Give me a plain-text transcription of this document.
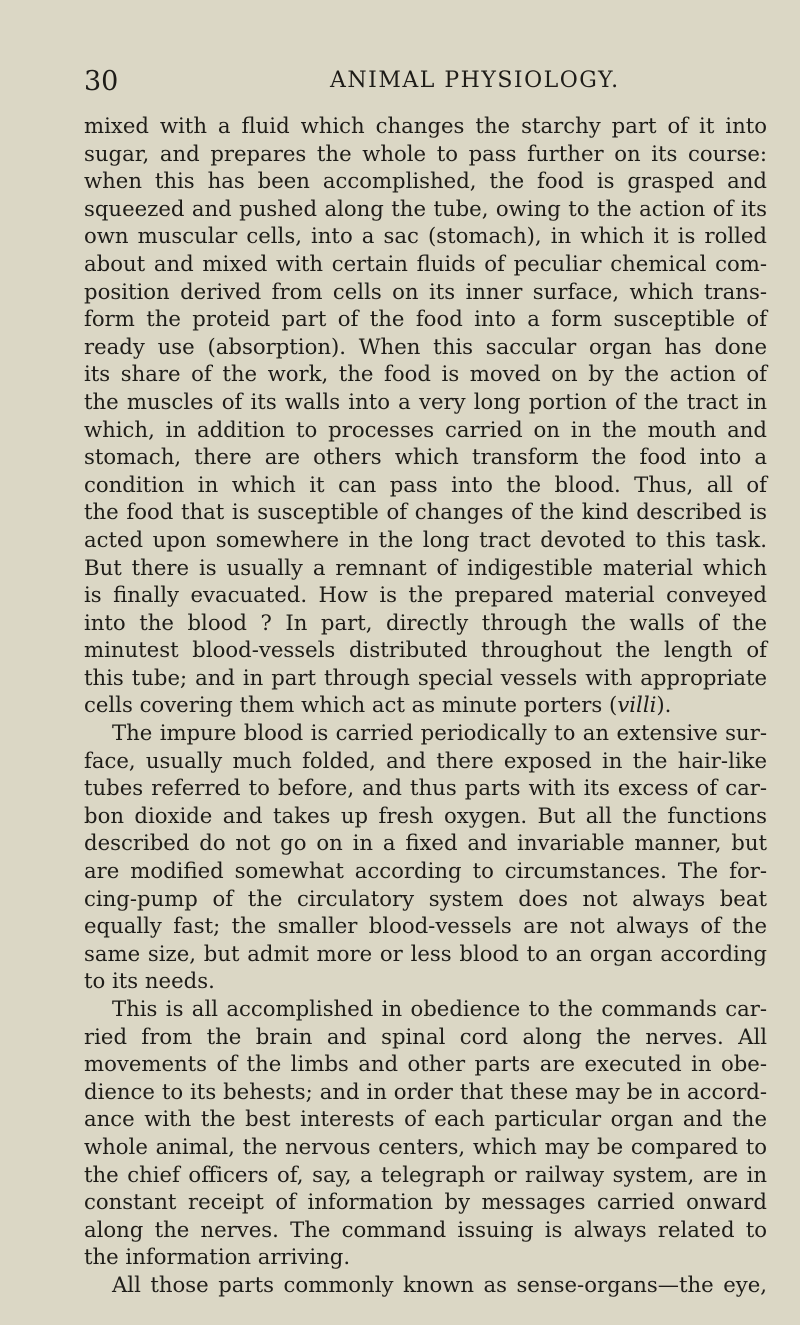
30	ANIMAL PHYSIOLOGY.
mixed with a fluid which changes the starchy part of it into
sugar, and prepares the whole to pass further on its course:
when this has been accomplished, the food is grasped and
squeezed and pushed along the tube, owing to the action of its
own muscular cells, into a sac (stomach), in which it is rolled
about and mixed with certain fluids of peculiar chemical com-
position derived from cells on its inner surface, which trans-
form the proteid part of the food into a form susceptible of
ready use (absorption). When this saccular organ has done
its share of the work, the food is moved on by the action of
the muscles of its walls into a very long portion of the tract in
which, in addition to processes carried on in the mouth and
stomach, there are others which transform the food into a
condition in which it can pass into the blood. Thus, all of
the food that is susceptible of changes of the kind described is
acted upon somewhere in the long tract devoted to this task.
But there is usually a remnant of indigestible material which
is finally evacuated. How is the prepared material conveyed
into the blood ? In part, directly through the walls of the
minutest blood-vessels distributed throughout the length of
this tube; and in part through special vessels with appropriate
cells covering them which act as minute porters (villi).
The impure blood is carried periodically to an extensive sur-
face, usually much folded, and there exposed in the hair-like
tubes referred to before, and thus parts with its excess of car-
bon dioxide and takes up fresh oxygen. But all the functions
described do not go on in a fixed and invariable manner, but
are modified somewhat according to circumstances. The for-
cing-pump of the circulatory system does not always beat
equally fast; the smaller blood-vessels are not always of the
same size, but admit more or less blood to an organ according
to its needs.
This is all accomplished in obedience to the commands car-
ried from the brain and spinal cord along the nerves. All
movements of the limbs and other parts are executed in obe-
dience to its behests; and in order that these may be in accord-
ance with the best interests of each particular organ and the
whole animal, the nervous centers, which may be compared to
the chief officers of, say, a telegraph or railway system, are in
constant receipt of information by messages carried onward
along the nerves. The command issuing is always related to
the information arriving.
All those parts commonly known as sense-organs—the eye,
